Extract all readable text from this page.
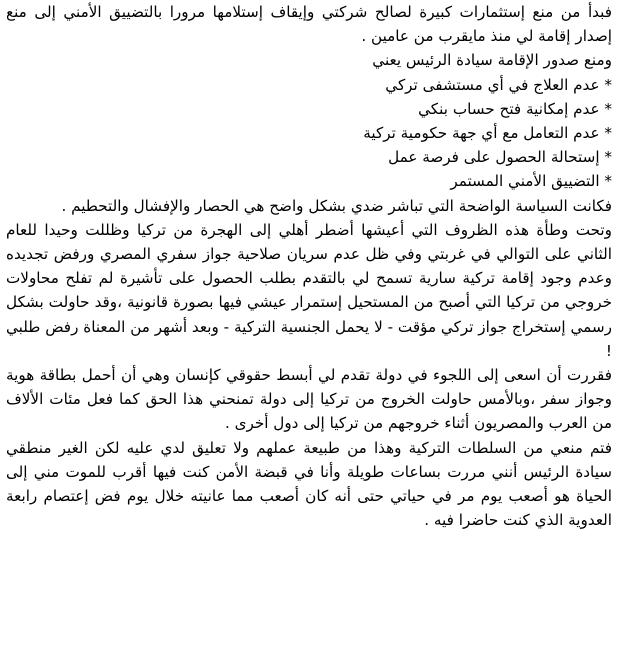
فبدأ من منع إستثمارات كبيرة لصالح شركتي وإيقاف إستلامها مرورا بالتضييق الأمني إلى منع إصدار إقامة لي منذ مايقرب من عامين .

ومنع صدور الإقامة سيادة الرئيس يعني

* عدم العلاج في أي مستشفى تركي

* عدم إمكانية فتح حساب بنكي

* عدم التعامل مع أي جهة حكومية تركية

* إستحالة الحصول على فرصة عمل

* التضييق الأمني المستمر

فكانت السياسة الواضحة التي تباشر ضدي بشكل واضح هي الحصار والإفشال والتحطيم .

وتحت وطأة هذه الظروف التي أعيشها أضطر أهلي إلى الهجرة من تركيا وظللت وحيدا للعام الثاني على التوالي في غربتي وفي ظل عدم سريان صلاحية جواز سفري المصري ورفض تجديده وعدم وجود إقامة تركية سارية تسمح لي بالتقدم بطلب الحصول على تأشيرة لم تفلح محاولات خروجي من تركيا التي أصبح من المستحيل إستمرار عيشي فيها بصورة قانونية ،وقد حاولت بشكل رسمي إستخراج جواز تركي مؤقت - لا يحمل الجنسية التركية - وبعد أشهر من المعناة رفض طلبي !

فقررت أن اسعى إلى اللجوء في دولة تقدم لي أبسط حقوقي كإنسان وهي أن أحمل بطاقة هوية وجواز سفر ،وبالأمس حاولت الخروج من تركيا إلى دولة تمنحني هذا الحق كما فعل مئات الألاف من العرب والمصريون أثناء خروجهم من تركيا إلى دول أخرى .

فتم منعي من السلطات التركية وهذا من طبيعة عملهم ولا تعليق لدي عليه لكن الغير منطقي سيادة الرئيس أنني مررت بساعات طويلة وأنا في قبضة الأمن كنت فيها أقرب للموت مني إلى الحياة هو أصعب يوم مر في حياتي حتى أنه كان أصعب مما عانيته خلال يوم فض إعتصام رابعة العدوية الذي كنت حاضرا فيه .
